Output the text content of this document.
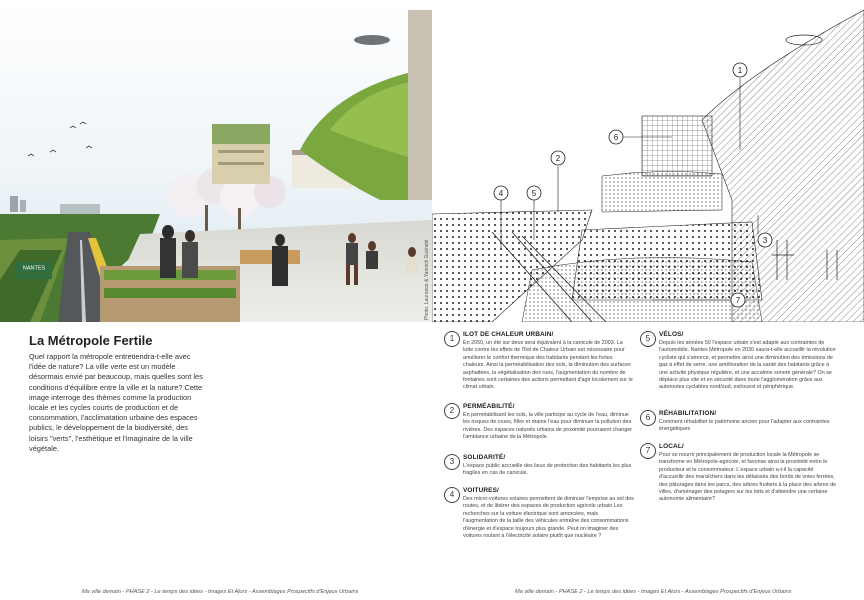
NANTES	Photo: Laurance & Yannick Guénolé
1
2
3
4	5
6
7
La Métropole Fertile

Quel rapport la métropole entretiendra-t-elle avec l'idée de nature? La ville verte est un modèle désormais envié par beaucoup, mais quelles sont les conditions d'équilibre entre la ville et la nature? Cette image interroge des thèmes comme la production locale et les cycles courts de production et de consommation, l'acclimatation urbaine des espaces publics, le développement de la biodiversité, des loisirs "verts", l'esthétique et l'imaginaire de la ville végétale.

1	ILOT DE CHALEUR URBAIN/

En 2050, un été sur deux sera équivalent à la canicule de 2003. La lutte contre les effets de l'Ilot de Chaleur Urbain est nécessaire pour améliorer le confort thermique des habitants pendant les fortes chaleurs. Ainsi la perméabilisation des sols, la diminution des surfaces asphaltées, la végétalisation des rues, l'augmentation du nombre de fontaines sont certaines des actions permettant d'agir localement sur le climat urbain.

2	PERMÉABILITÉ/

En perméabilisant les sols, la ville participe au cycle de l'eau, diminue les risques de crues, filtre et draine l'eau pour diminuer la pollution des rivières. Des espaces naturels urbains de proximité pourraient changer l'ambiance urbaine de la Métropole.

3	SOLIDARITÉ/

L'espace public accueille des lieux de protection des habitants les plus fragiles en cas de canicule.

4	VOITURES/

Des micro-voitures solaires permettent de diminuer l'emprise au sol des routes, et de libérer des espaces de production agricole urbain.Les recherches sur la voiture électrique sont amorcées, mais l'augmentation de la taille des véhicules entraîne des consommations d'énergie et d'espace toujours plus grande. Peut on imaginer des voitures roulant à l'électricité solaire plutôt que nucléaire ?

5	VÉLOS/

Depuis les années 50 l'espace urbain s'est adapté aux contraintes de l'automobile. Nantes Métropole en 2030 saura-t-elle accueillir la révolution cycliste qui s'amorce, et permettre ainsi une diminution des émissions de gaz à effet de serre, une amélioration de la santé des habitants grâce à une activité physique régulière, et une accalmie sonore générale? On se déplace plus vite et en sécurité dans toute l'agglomération grâce aux autoroutes cyclables nord/sud, est/ouest et périphérique.

6	RÉHABILITATION/

Comment réhabiliter le patrimoine ancien pour l'adapter aux contraintes énergétiques

7	LOCAL/

Pour se nourrir principalement de production locale la Métropole se transforme en Métropole-agricole, et favorise ainsi la proximité entre le producteur et le consommateur. L'espace urbain a-t-il la capacité d'accueillir des maraîchers dans les délaissés des bords de voies ferrées, des pâturages dans les parcs, des arbres fruitiers à la place des arbres de villes, d'aménager des potagers sur les toits et d'atteindre une certaine autonomie alimentaire?

Ma ville demain - PHASE 2 - Le temps des idées - Images Et Alors - Assemblages Prospectifs d'Enjeux Urbains	Ma ville demain - PHASE 2 - Le temps des idées - Images Et Alors - Assemblages Prospectifs d'Enjeux Urbains
